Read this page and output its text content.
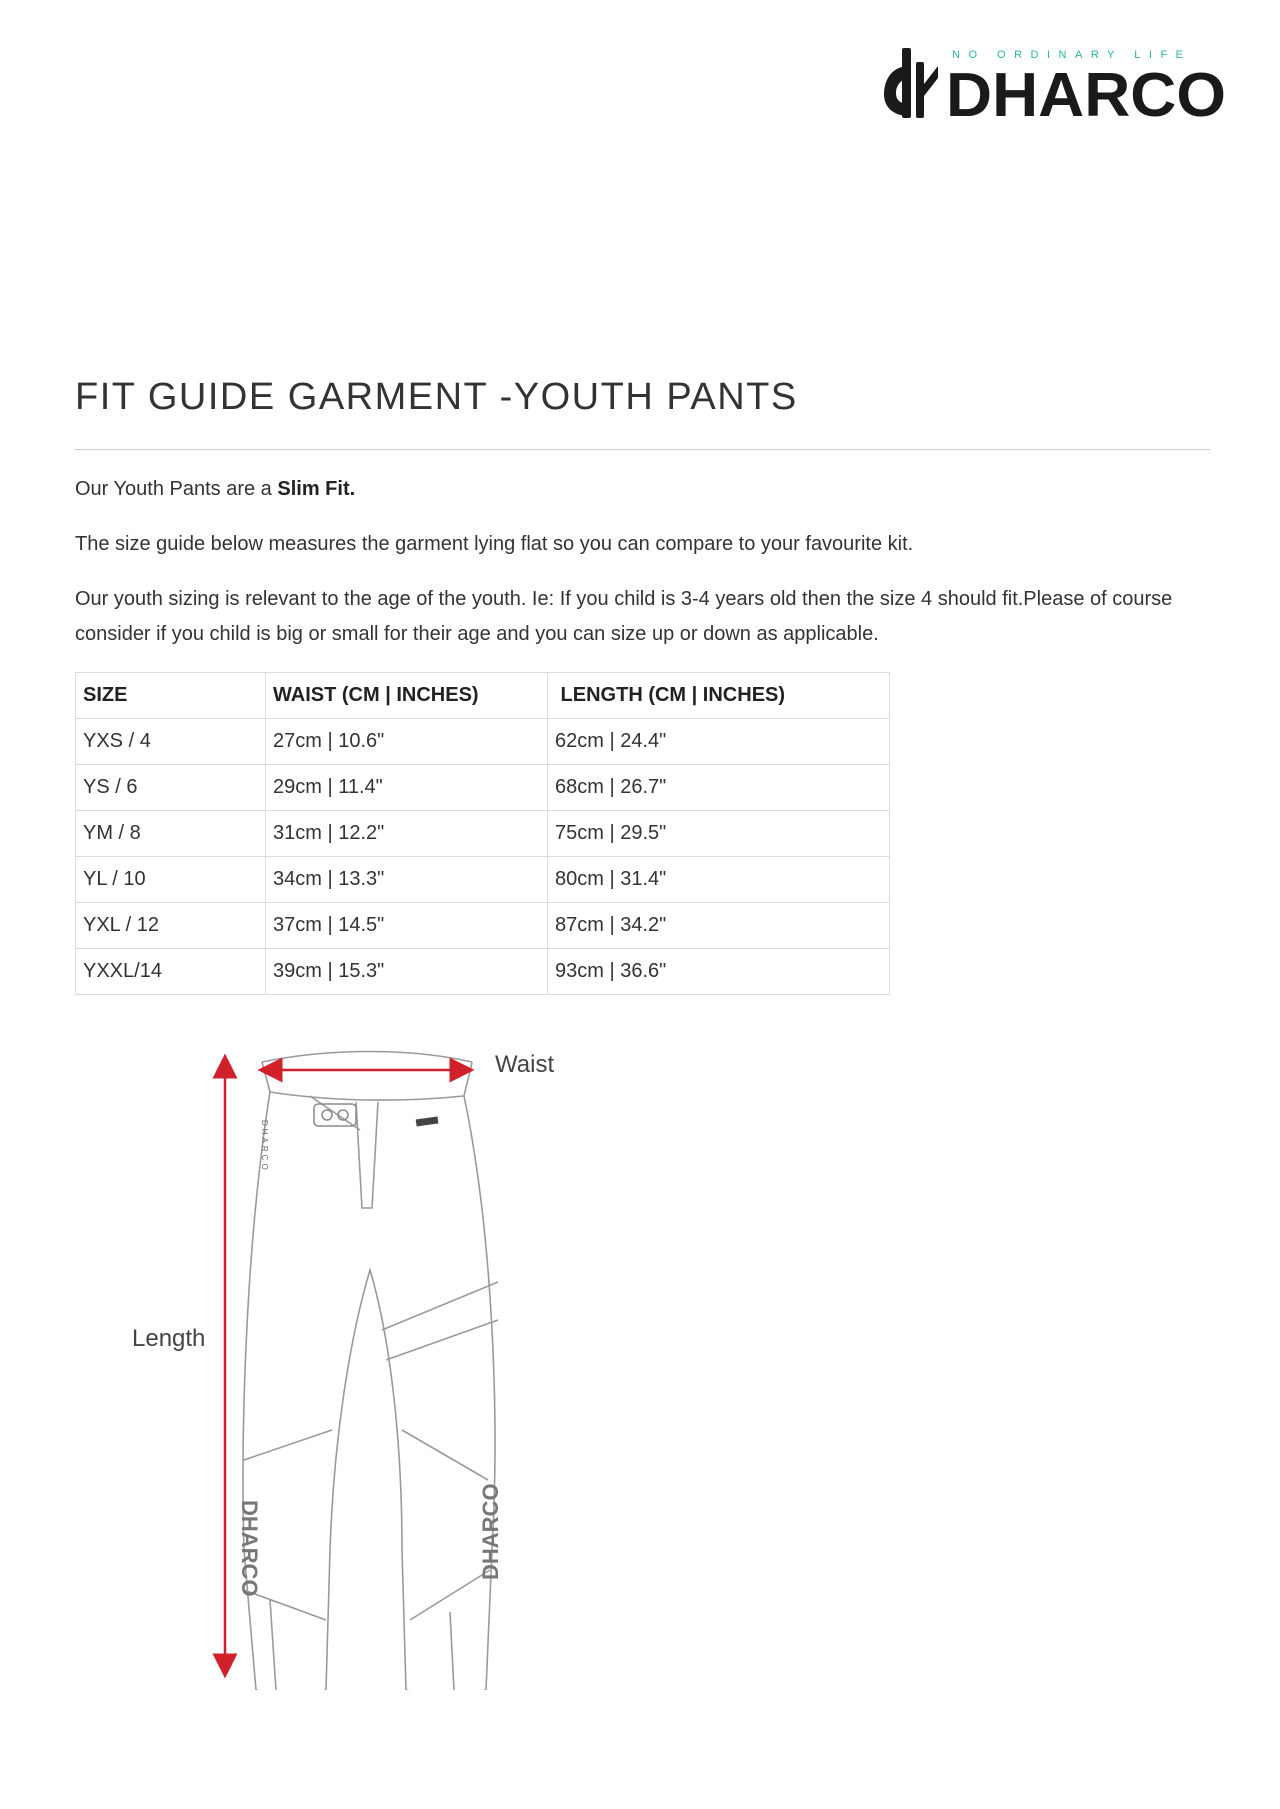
NO ORDINARY LIFE
DHARCO
FIT GUIDE GARMENT -YOUTH PANTS

Our Youth Pants are a Slim Fit.

The size guide below measures the garment lying flat so you can compare to your favourite kit.

Our youth sizing is relevant to the age of the youth. Ie: If you child is 3-4 years old then the size 4 should fit.Please of course consider if you child is big or small for their age and you can size up or down as applicable.

SIZE	WAIST (CM | INCHES)	LENGTH (CM | INCHES)
YXS / 4	27cm | 10.6"	62cm | 24.4"
YS / 6	29cm | 11.4"	68cm | 26.7"
YM / 8	31cm | 12.2"	75cm | 29.5"
YL / 10	34cm | 13.3"	80cm | 31.4"
YXL / 12	37cm | 14.5"	87cm | 34.2"
YXXL/14	39cm | 15.3"	93cm | 36.6"
DHARCO
DHARCO	DHARCO
Waist
Length
